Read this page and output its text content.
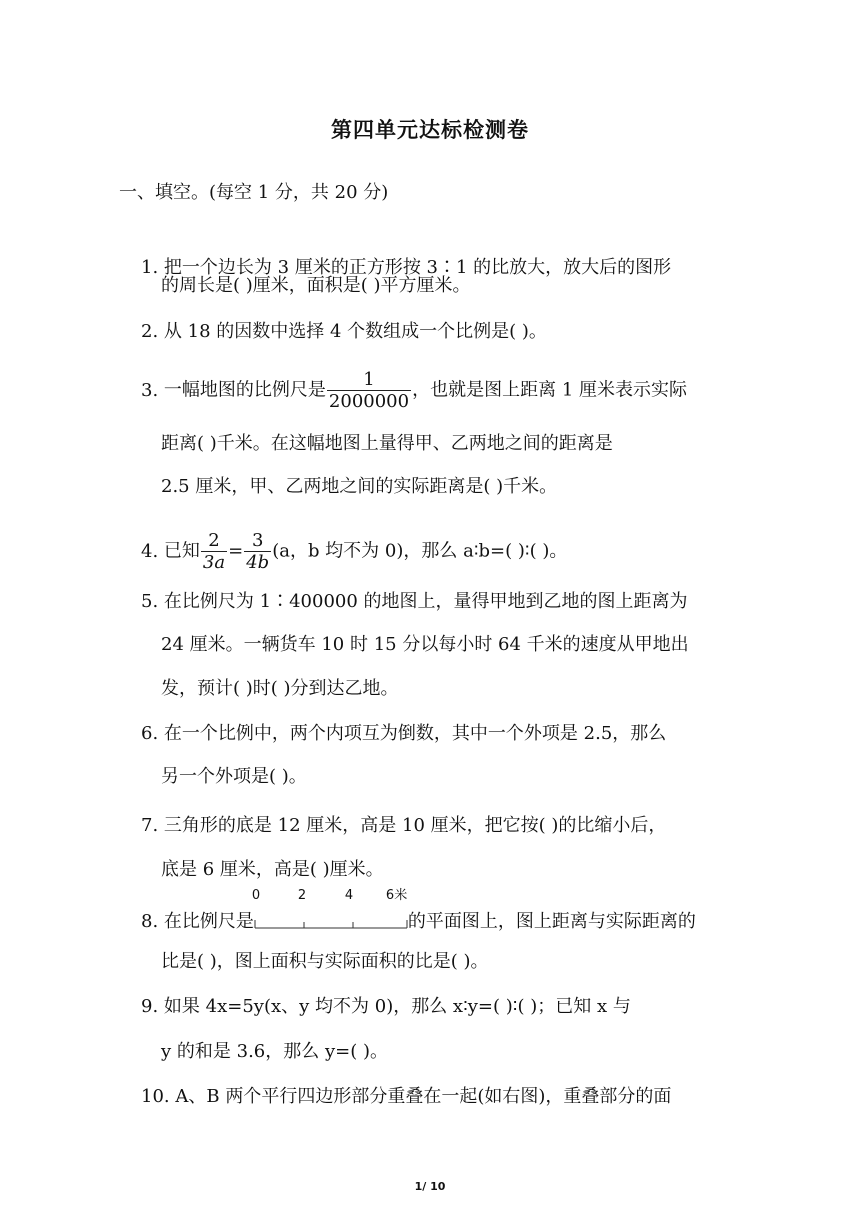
第四单元达标检测卷
一、填空。(每空 1 分，共 20 分)
1. 把一个边长为 3 厘米的正方形按 3∶1 的比放大，放大后的图形
的周长是( )厘米，面积是( )平方厘米。
2. 从 18 的因数中选择 4 个数组成一个比例是( )。
3. 一幅地图的比例尺是 $\frac{1}{2000000}$ ，也就是图上距离 1 厘米表示实际
距离( )千米。在这幅地图上量得甲、乙两地之间的距离是
2.5 厘米，甲、乙两地之间的实际距离是( )千米。
4. 已知 $\frac{2}{3a} = \frac{3}{4b} (a$，b 均不为 0)，那么 a∶b=( )∶( )。
5. 在比例尺为 1∶400000 的地图上，量得甲地到乙地的图上距离为
24 厘米。一辆货车 10 时 15 分以每小时 64 千米的速度从甲地出
发，预计( )时( )分到达乙地。
6. 在一个比例中，两个内项互为倒数，其中一个外项是 2.5，那么
另一个外项是( )。
7. 三角形的底是 12 厘米，高是 10 厘米，把它按( )的比缩小后，
底是 6 厘米，高是( )厘米。
8. 在比例尺是
0	2	4	6米
的平面图上，图上距离与实际距离的
比是( )，图上面积与实际面积的比是( )。
9. 如果 4x=5y(x、y 均不为 0)，那么 x∶y=( )∶( )；已知 x 与
y 的和是 3.6，那么 y=( )。
10. A、B 两个平行四边形部分重叠在一起(如右图)，重叠部分的面
1/ 10
